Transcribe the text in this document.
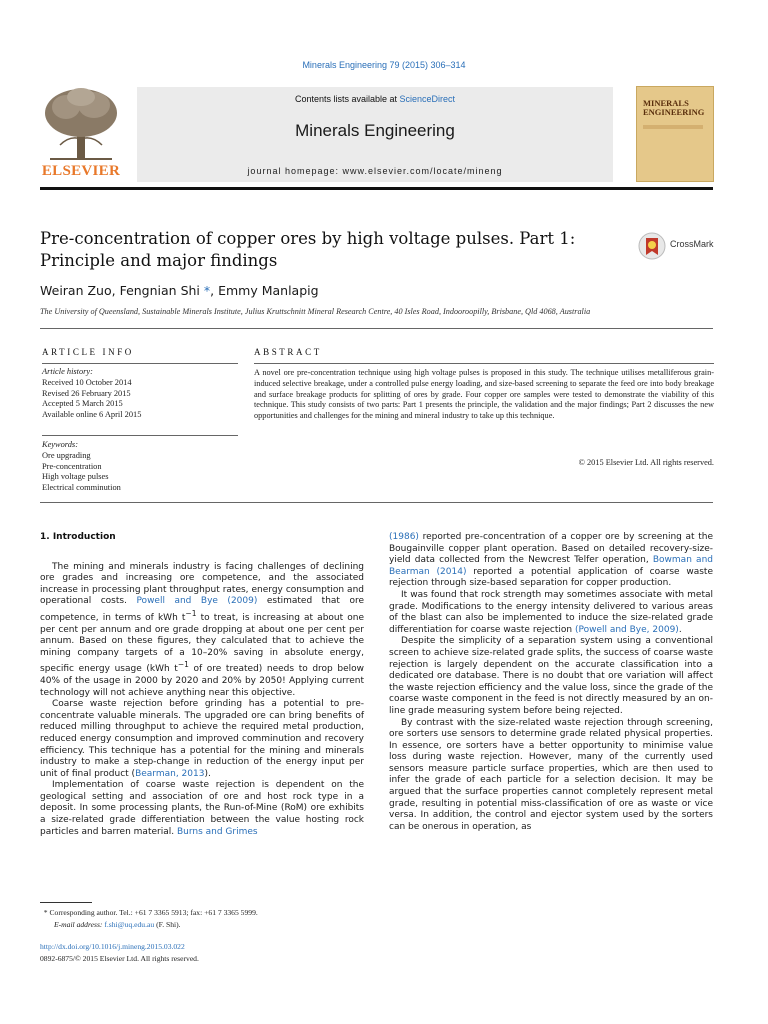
Minerals Engineering 79 (2015) 306–314
ELSEVIER
Contents lists available at ScienceDirect
Minerals Engineering
journal homepage: www.elsevier.com/locate/mineng
MINERALS
ENGINEERING
Pre-concentration of copper ores by high voltage pulses. Part 1: Principle and major findings
CrossMark
Weiran Zuo, Fengnian Shi *, Emmy Manlapig
The University of Queensland, Sustainable Minerals Institute, Julius Kruttschnitt Mineral Research Centre, 40 Isles Road, Indooroopilly, Brisbane, Qld 4068, Australia
ARTICLE INFO
Article history:
Received 10 October 2014
Revised 26 February 2015
Accepted 5 March 2015
Available online 6 April 2015
Keywords:
Ore upgrading
Pre-concentration
High voltage pulses
Electrical comminution
ABSTRACT

A novel ore pre-concentration technique using high voltage pulses is proposed in this study. The technique utilises metalliferous grain-induced selective breakage, under a controlled pulse energy loading, and size-based screening to separate the feed ore into body breakage and surface breakage products for splitting of ores by grade. Four copper ore samples were tested to demonstrate the viability of this technique. This study consists of two parts: Part 1 presents the principle, the validation and the major findings; Part 2 discusses the new opportunities and challenges for the mining and mineral industry to take up this technique.

© 2015 Elsevier Ltd. All rights reserved.
1. Introduction

The mining and minerals industry is facing challenges of declining ore grades and increasing ore competence, and the associated increase in processing plant throughput rates, energy consumption and operational costs. Powell and Bye (2009) estimated that ore competence, in terms of kWh $t^{-1}$ to treat, is increasing at about one per cent per annum and ore grade dropping at about one per cent per annum. Based on these figures, they calculated that to achieve the mining company targets of a 10–20% saving in absolute energy, specific energy usage (kWh $t^{-1}$ of ore treated) needs to drop below 40% of the usage in 2000 by 2020 and 20% by 2050! Applying current technology will not achieve anything near this objective.

Coarse waste rejection before grinding has a potential to pre-concentrate valuable minerals. The upgraded ore can bring benefits of reduced milling throughput to achieve the required metal production, reduced energy consumption and improved comminution and recovery efficiency. This technique has a potential for the mining and minerals industry to make a step-change in reduction of the energy input per unit of final product (Bearman, 2013).

Implementation of coarse waste rejection is dependent on the geological setting and association of ore and host rock type in a deposit. In some processing plants, the Run-of-Mine (RoM) ore exhibits a size-related grade differentiation between the value hosting rock particles and barren material. Burns and Grimes

(1986) reported pre-concentration of a copper ore by screening at the Bougainville copper plant operation. Based on detailed recovery-size-yield data collected from the Newcrest Telfer operation, Bowman and Bearman (2014) reported a potential application of coarse waste rejection through size-based separation for copper production.

It was found that rock strength may sometimes associate with metal grade. Modifications to the energy intensity delivered to various areas of the blast can also be implemented to induce the size-related grade differentiation for coarse waste rejection (Powell and Bye, 2009).

Despite the simplicity of a separation system using a conventional screen to achieve size-related grade splits, the success of coarse waste rejection is largely dependent on the accurate classification into a dedicated ore database. There is no doubt that ore variation will affect the waste rejection efficiency and the value loss, since the grade of the coarse waste component in the feed is not directly measured by an on-line grade measuring system before being rejected.

By contrast with the size-related waste rejection through screening, ore sorters use sensors to determine grade related physical properties. In essence, ore sorters have a better opportunity to minimise value loss during waste rejection. However, many of the currently used sensors measure particle surface properties, which are then used to infer the grade of each particle for a selection decision. It may be argued that the surface properties cannot completely represent metal grade, resulting in potential miss-classification of ore as waste or vice versa. In addition, the control and ejector system used by the sorters can be onerous in operation, as

* Corresponding author. Tel.: +61 7 3365 5913; fax: +61 7 3365 5999.
E-mail address: f.shi@uq.edu.au (F. Shi).
http://dx.doi.org/10.1016/j.mineng.2015.03.022
0892-6875/© 2015 Elsevier Ltd. All rights reserved.
